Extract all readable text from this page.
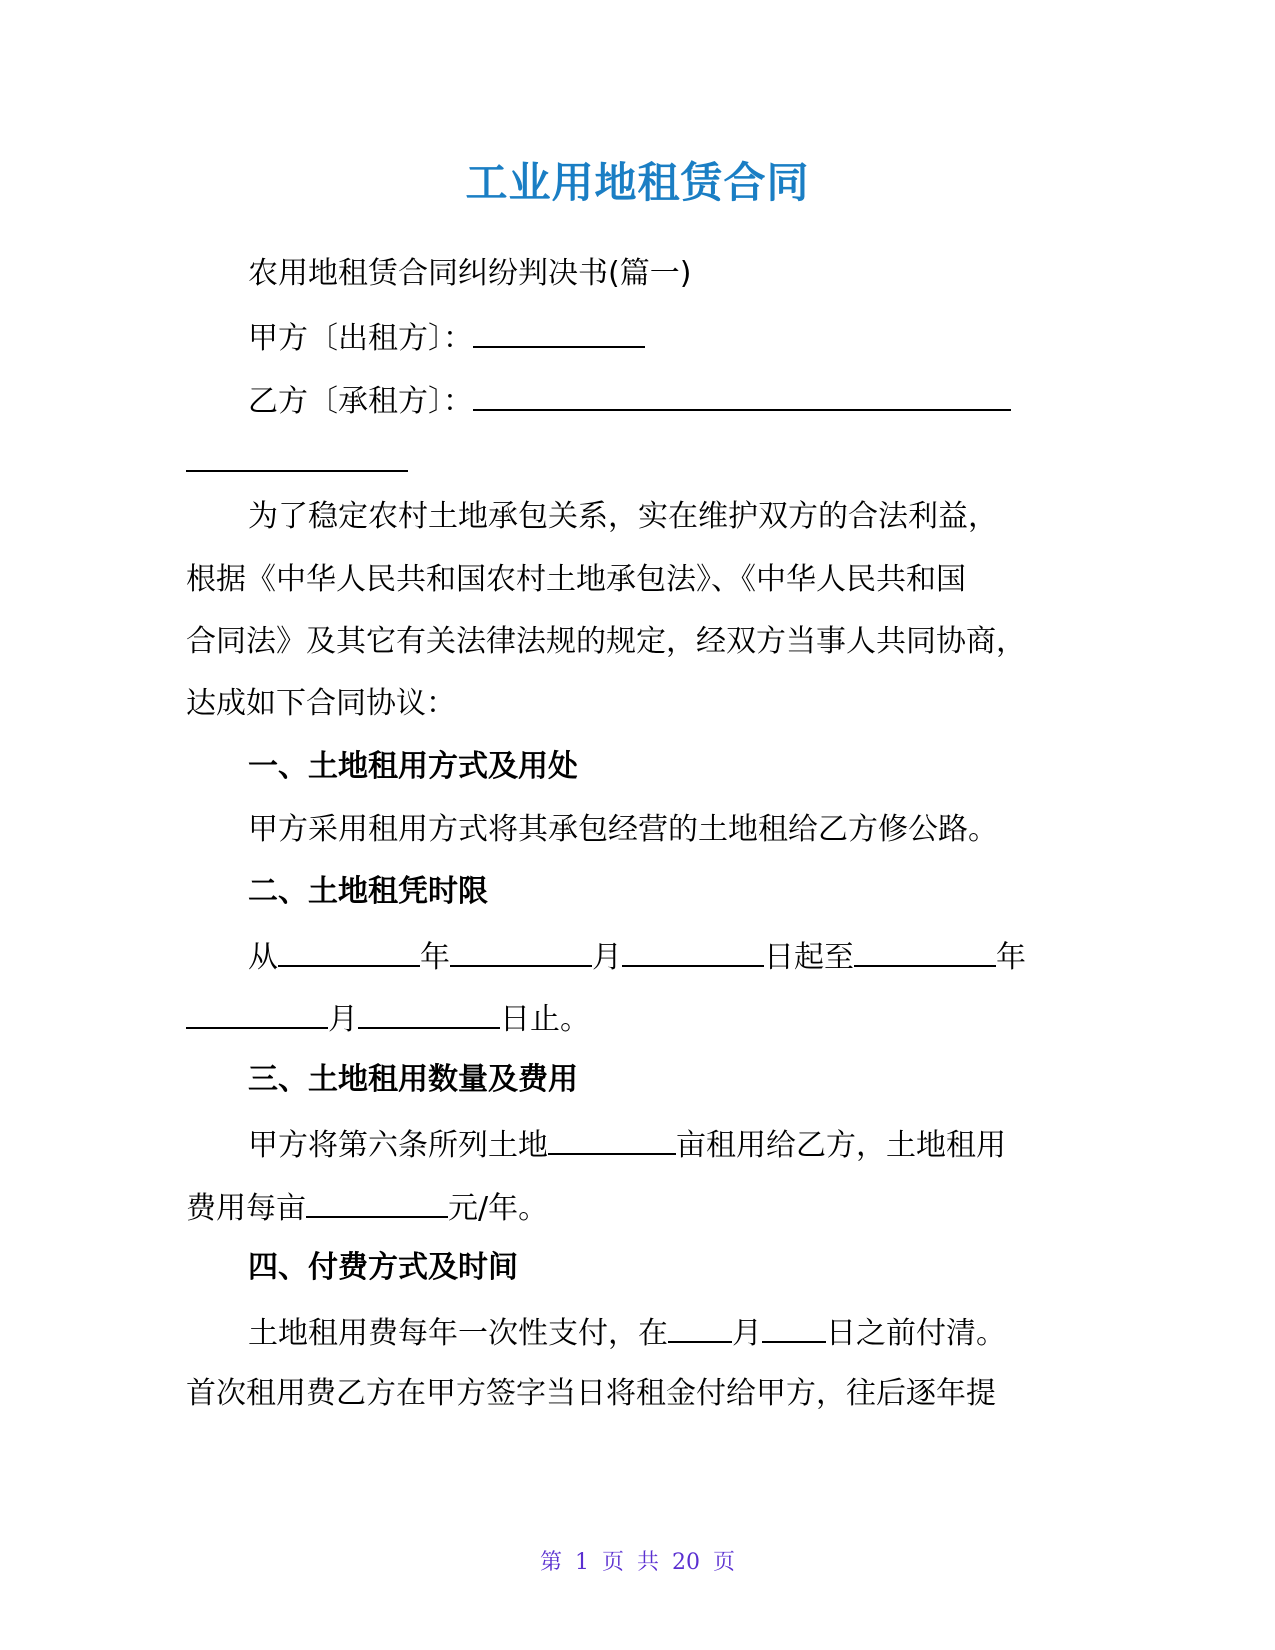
工业用地租赁合同
农用地租赁合同纠纷判决书(篇一)
甲方〔出租方〕：
乙方〔承租方〕：
为了稳定农村土地承包关系，实在维护双方的合法利益，
根据《中华人民共和国农村土地承包法》、《中华人民共和国
合同法》及其它有关法律法规的规定，经双方当事人共同协商，
达成如下合同协议：
一、土地租用方式及用处
甲方采用租用方式将其承包经营的土地租给乙方修公路。
二、土地租凭时限
从	年	月	日起至	年
月	日止。
三、土地租用数量及费用
甲方将第六条所列土地	亩租用给乙方，土地租用
费用每亩	元/年。
四、付费方式及时间
土地租用费每年一次性支付，在 月 日之前付清。
首次租用费乙方在甲方签字当日将租金付给甲方，往后逐年提
第 1 页 共 20 页
